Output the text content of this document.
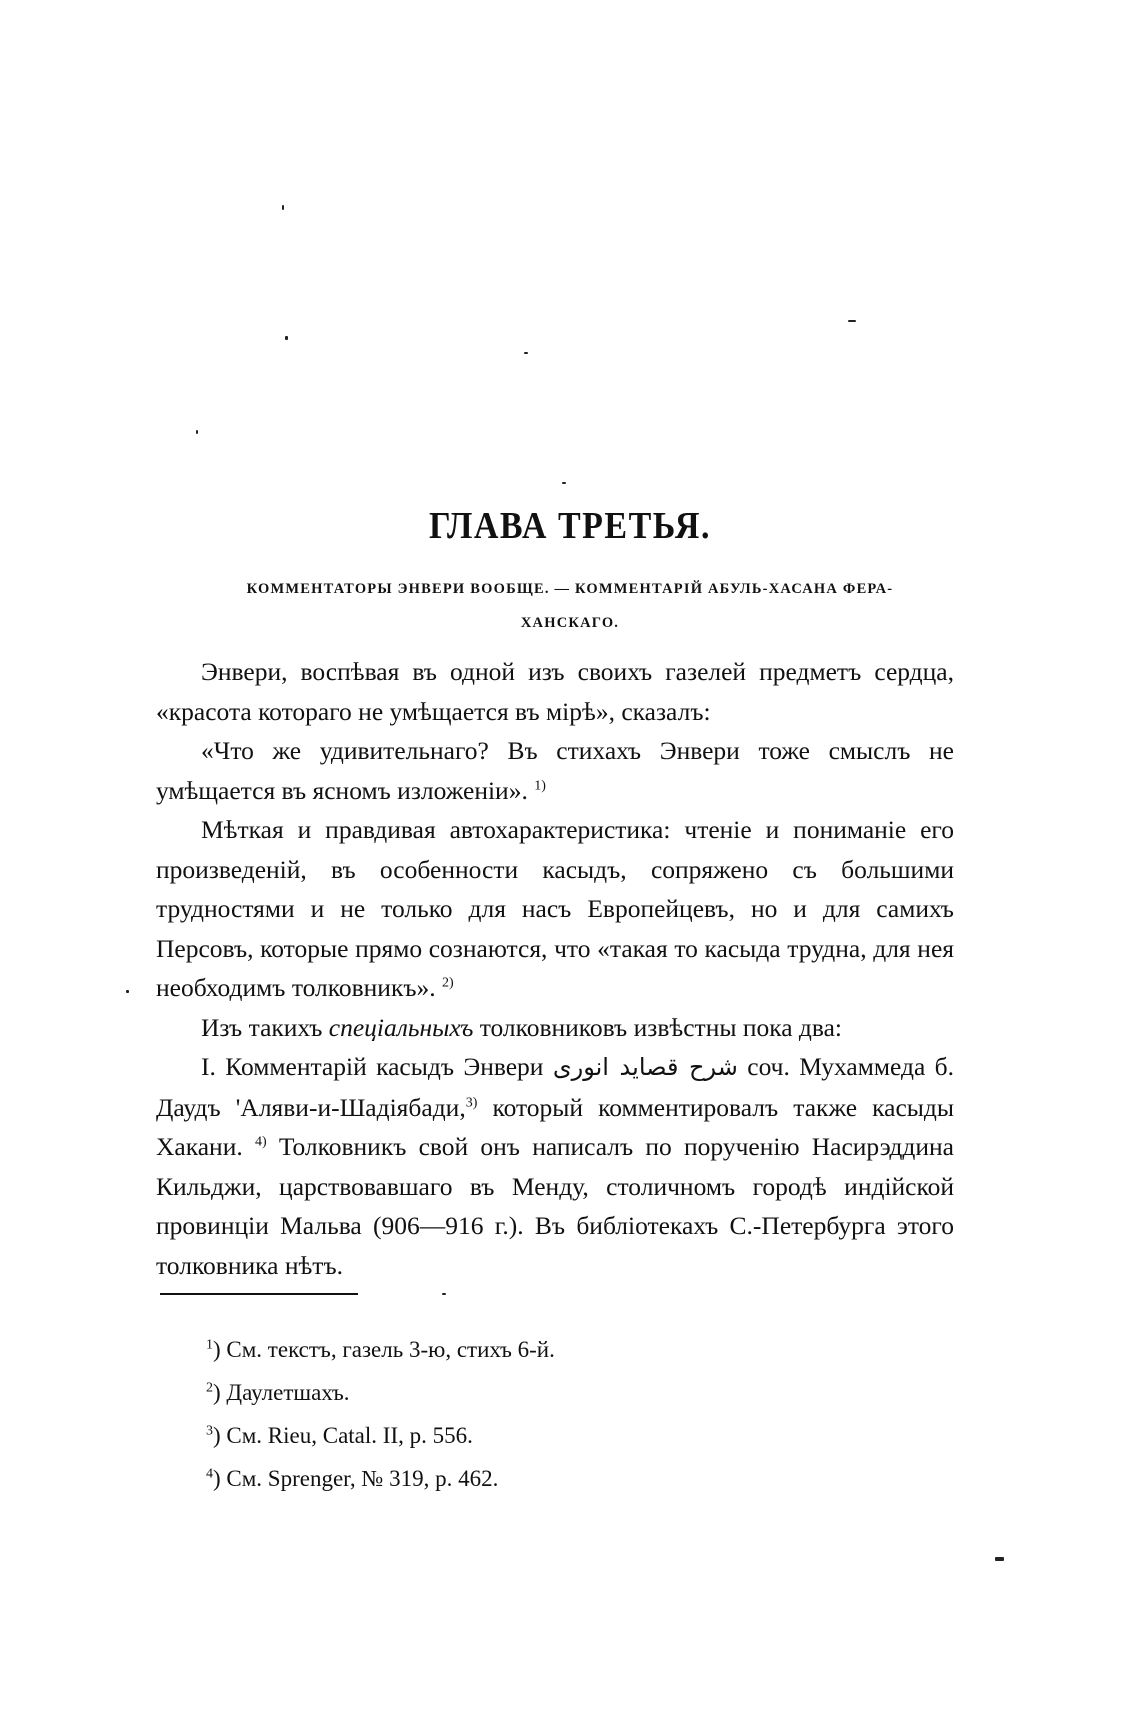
ГЛАВА ТРЕТЬЯ.
КОММЕНТАТОРЫ ЭНВЕРИ ВООБЩЕ. — КОММЕНТАРІЙ АБУЛЬ-ХАСАНА ФЕРА-ХАНСКАГО.

Энвери, воспѣвая въ одной изъ своихъ газелей предметъ сердца, «красота котораго не умѣщается въ мірѣ», сказалъ:

«Что же удивительнаго? Въ стихахъ Энвери тоже смыслъ не умѣщается въ ясномъ изложеніи». $^{1)}$

Мѣткая и правдивая автохарактеристика: чтеніе и пониманіе его произведеній, въ особенности касыдъ, сопряжено съ большими трудностями и не только для насъ Европейцевъ, но и для самихъ Персовъ, которые прямо сознаются, что «такая то касыда трудна, для нея необходимъ толковникъ». $^{2)}$

Изъ такихъ спеціальныхъ толковниковъ извѣстны пока два:

I. Комментарій касыдъ Энвери شرح قصايد انوری соч. Мухаммеда б. Даудъ 'Аляви-и-Шадіябади,$^{3)}$ который комментировалъ также касыды Хакани. $^{4)}$ Толковникъ свой онъ написалъ по порученію Насирэддина Кильджи, царствовавшаго въ Менду, столичномъ городѣ индійской провинціи Мальва (906—916 г.). Въ библіотекахъ С.-Петербурга этого толковника нѣтъ.

$^1$) См. текстъ, газель 3-ю, стихъ 6-й.
$^2$) Даулетшахъ.
$^3$) См. Rieu, Catal. II, p. 556.
$^4$) См. Sprenger, № 319, p. 462.
